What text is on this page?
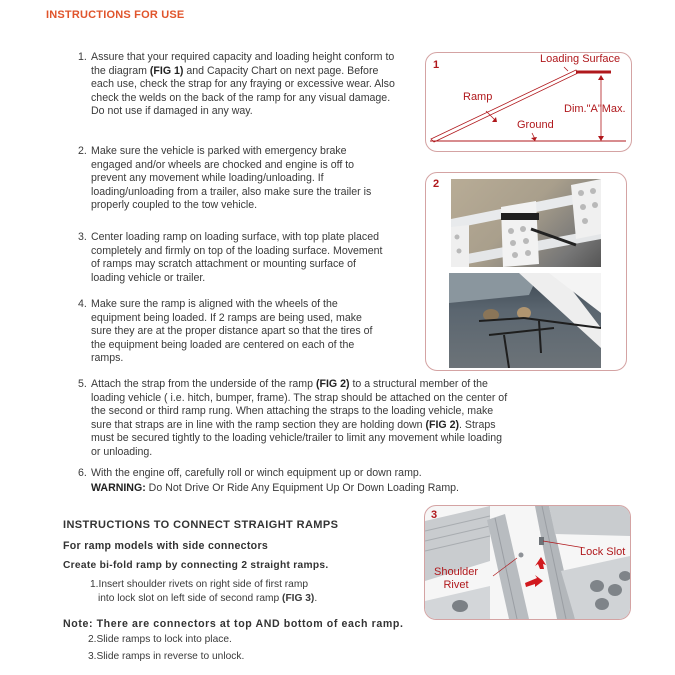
INSTRUCTIONS FOR USE
1. Assure that your required capacity and loading height conform to the diagram (FIG 1) and Capacity Chart on next page. Before each use, check the strap for any fraying or excessive wear. Also check the welds on the back of the ramp for any visual damage. Do not use if damaged in any way.
2. Make sure the vehicle is parked with emergency brake engaged and/or wheels are chocked and engine is off to prevent any movement while loading/unloading. If loading/unloading from a trailer, also make sure the trailer is properly coupled to the tow vehicle.
3. Center loading ramp on loading surface, with top plate placed completely and firmly on top of the loading surface. Movement of ramps may scratch attachment or mounting surface of loading vehicle or trailer.
4. Make sure the ramp is aligned with the wheels of the equipment being loaded. If 2 ramps are being used, make sure they are at the proper distance apart so that the tires of the equipment being loaded are centered on each of the ramps.
5. Attach the strap from the underside of the ramp (FIG 2) to a structural member of the loading vehicle ( i.e. hitch, bumper, frame). The strap should be attached on the center of the second or third ramp rung. When attaching the straps to the loading vehicle, make sure that straps are in line with the ramp section they are holding down (FIG 2). Straps must be secured tightly to the loading vehicle/trailer to limit any movement while loading or unloading.
6. With the engine off, carefully roll or winch equipment up or down ramp.
WARNING: Do Not Drive Or Ride Any Equipment Up Or Down Loading Ramp.
1	Loading Surface
Ramp
Ground
Dim."A"Max.
2
INSTRUCTIONS TO CONNECT STRAIGHT RAMPS
For ramp models with side connectors
Create bi-fold ramp by connecting 2 straight ramps.
1.Insert shoulder rivets on right side of first ramp
into lock slot on left side of second ramp (FIG 3).
Note: There are connectors at top AND bottom of each ramp.
2.Slide ramps to lock into place.
3.Slide ramps in reverse to unlock.
3
Shoulder
Rivet
Lock Slot
